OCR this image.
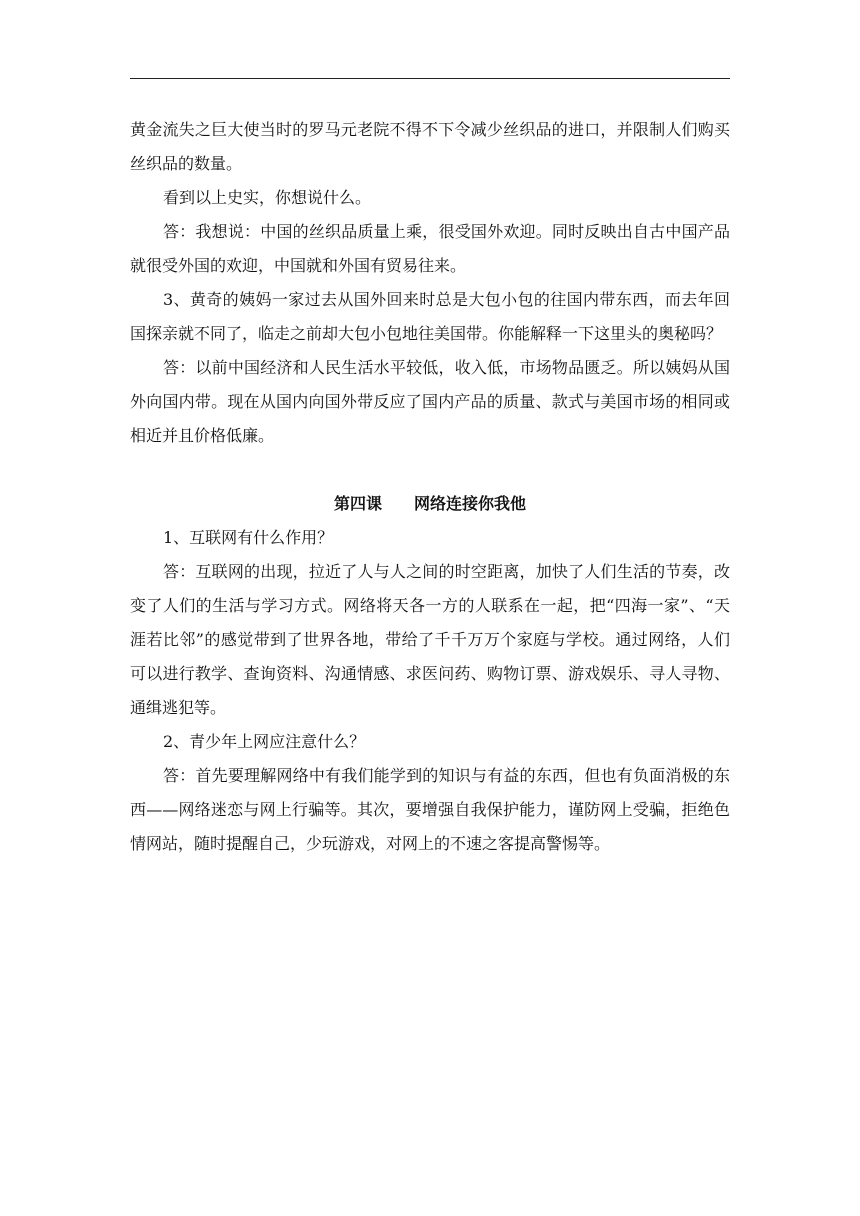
黄金流失之巨大使当时的罗马元老院不得不下令减少丝织品的进口，并限制人们购买丝织品的数量。

看到以上史实，你想说什么。

答：我想说：中国的丝织品质量上乘，很受国外欢迎。同时反映出自古中国产品就很受外国的欢迎，中国就和外国有贸易往来。

3、黄奇的姨妈一家过去从国外回来时总是大包小包的往国内带东西，而去年回国探亲就不同了，临走之前却大包小包地往美国带。你能解释一下这里头的奥秘吗？

答：以前中国经济和人民生活水平较低，收入低，市场物品匮乏。所以姨妈从国外向国内带。现在从国内向国外带反应了国内产品的质量、款式与美国市场的相同或相近并且价格低廉。

第四课 网络连接你我他

1、互联网有什么作用？

答：互联网的出现，拉近了人与人之间的时空距离，加快了人们生活的节奏，改变了人们的生活与学习方式。网络将天各一方的人联系在一起，把“四海一家”、“天涯若比邻”的感觉带到了世界各地，带给了千千万万个家庭与学校。通过网络，人们可以进行教学、查询资料、沟通情感、求医问药、购物订票、游戏娱乐、寻人寻物、通缉逃犯等。

2、青少年上网应注意什么？

答：首先要理解网络中有我们能学到的知识与有益的东西，但也有负面消极的东西——网络迷恋与网上行骗等。其次，要增强自我保护能力，谨防网上受骗，拒绝色情网站，随时提醒自己，少玩游戏，对网上的不速之客提高警惕等。
